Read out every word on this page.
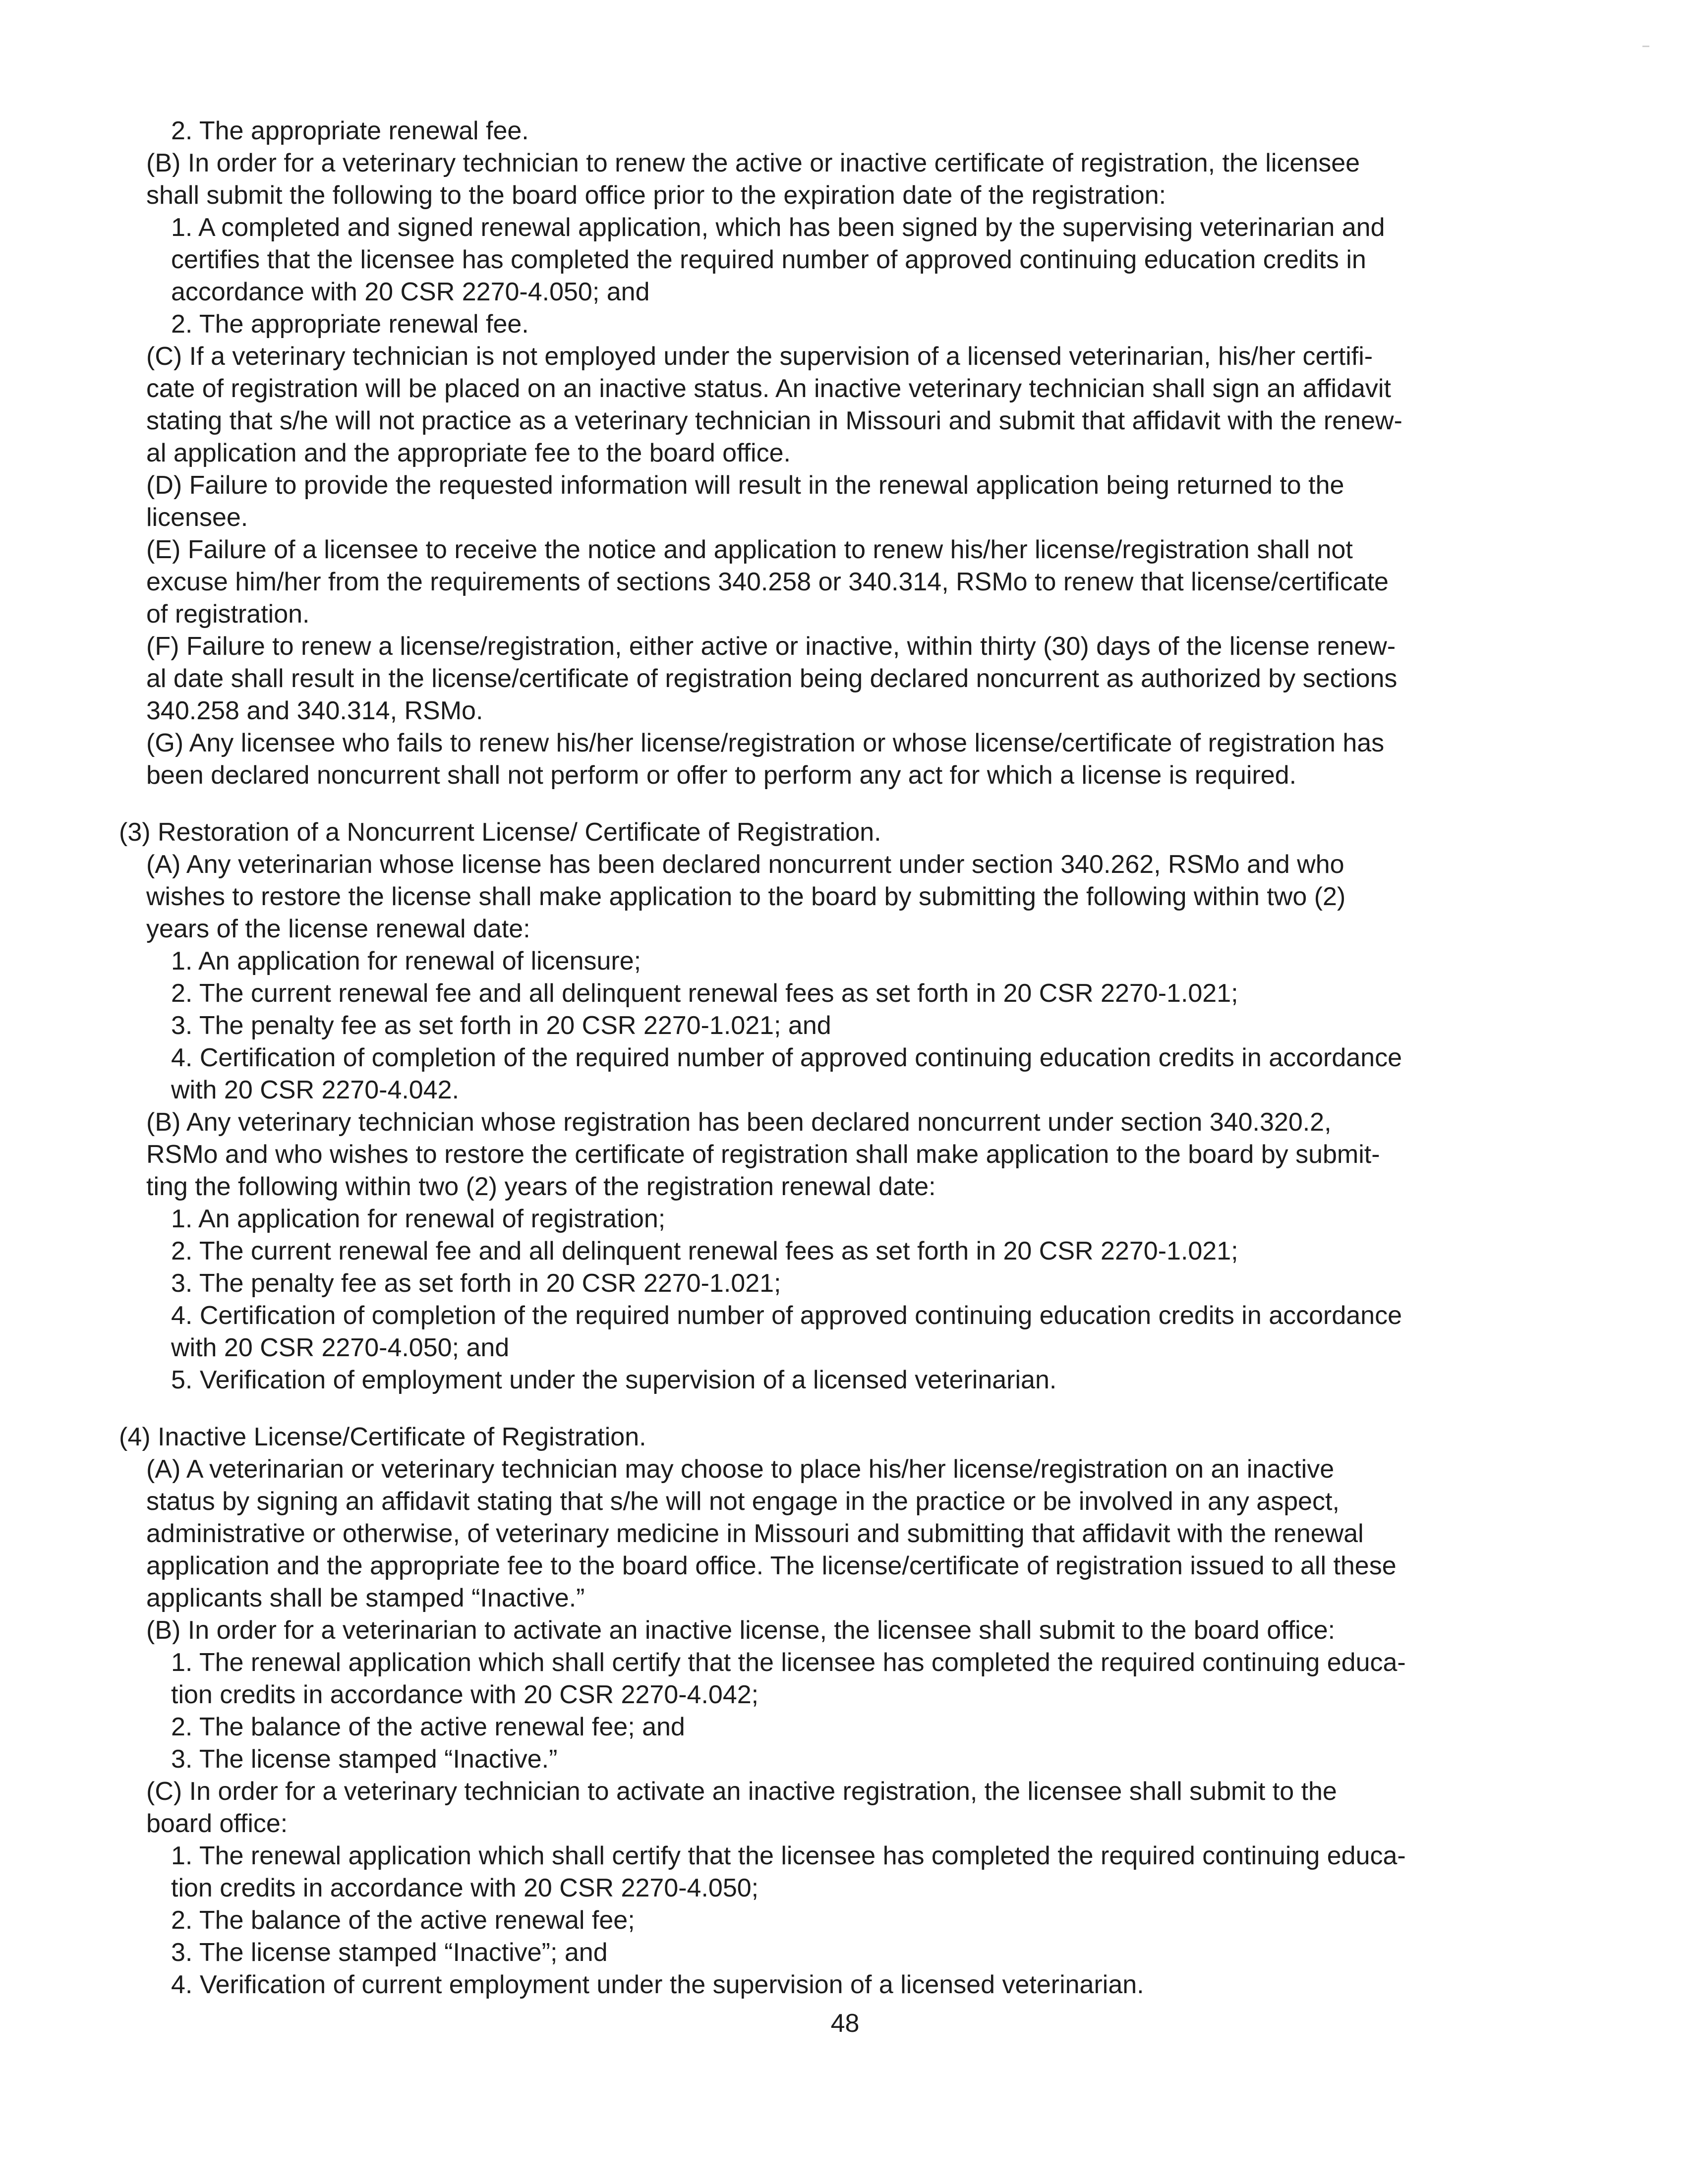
2. The appropriate renewal fee.
(B) In order for a veterinary technician to renew the active or inactive certificate of registration, the licensee
shall submit the following to the board office prior to the expiration date of the registration:
1. A completed and signed renewal application, which has been signed by the supervising veterinarian and
certifies that the licensee has completed the required number of approved continuing education credits in
accordance with 20 CSR 2270-4.050; and
2. The appropriate renewal fee.
(C) If a veterinary technician is not employed under the supervision of a licensed veterinarian, his/her certifi-
cate of registration will be placed on an inactive status. An inactive veterinary technician shall sign an affidavit
stating that s/he will not practice as a veterinary technician in Missouri and submit that affidavit with the renew-
al application and the appropriate fee to the board office.
(D) Failure to provide the requested information will result in the renewal application being returned to the
licensee.
(E) Failure of a licensee to receive the notice and application to renew his/her license/registration shall not
excuse him/her from the requirements of sections 340.258 or 340.314, RSMo to renew that license/certificate
of registration.
(F) Failure to renew a license/registration, either active or inactive, within thirty (30) days of the license renew-
al date shall result in the license/certificate of registration being declared noncurrent as authorized by sections
340.258 and 340.314, RSMo.
(G) Any licensee who fails to renew his/her license/registration or whose license/certificate of registration has
been declared noncurrent shall not perform or offer to perform any act for which a license is required.
(3) Restoration of a Noncurrent License/ Certificate of Registration.
(A) Any veterinarian whose license has been declared noncurrent under section 340.262, RSMo and who
wishes to restore the license shall make application to the board by submitting the following within two (2)
years of the license renewal date:
1. An application for renewal of licensure;
2. The current renewal fee and all delinquent renewal fees as set forth in 20 CSR 2270-1.021;
3. The penalty fee as set forth in 20 CSR 2270-1.021; and
4. Certification of completion of the required number of approved continuing education credits in accordance
with 20 CSR 2270-4.042.
(B) Any veterinary technician whose registration has been declared noncurrent under section 340.320.2,
RSMo and who wishes to restore the certificate of registration shall make application to the board by submit-
ting the following within two (2) years of the registration renewal date:
1. An application for renewal of registration;
2. The current renewal fee and all delinquent renewal fees as set forth in 20 CSR 2270-1.021;
3. The penalty fee as set forth in 20 CSR 2270-1.021;
4. Certification of completion of the required number of approved continuing education credits in accordance
with 20 CSR 2270-4.050; and
5. Verification of employment under the supervision of a licensed veterinarian.
(4) Inactive License/Certificate of Registration.
(A) A veterinarian or veterinary technician may choose to place his/her license/registration on an inactive
status by signing an affidavit stating that s/he will not engage in the practice or be involved in any aspect,
administrative or otherwise, of veterinary medicine in Missouri and submitting that affidavit with the renewal
application and the appropriate fee to the board office. The license/certificate of registration issued to all these
applicants shall be stamped “Inactive.”
(B) In order for a veterinarian to activate an inactive license, the licensee shall submit to the board office:
1. The renewal application which shall certify that the licensee has completed the required continuing educa-
tion credits in accordance with 20 CSR 2270-4.042;
2. The balance of the active renewal fee; and
3. The license stamped “Inactive.”
(C) In order for a veterinary technician to activate an inactive registration, the licensee shall submit to the
board office:
1. The renewal application which shall certify that the licensee has completed the required continuing educa-
tion credits in accordance with 20 CSR 2270-4.050;
2. The balance of the active renewal fee;
3. The license stamped “Inactive”; and
4. Verification of current employment under the supervision of a licensed veterinarian.
48
